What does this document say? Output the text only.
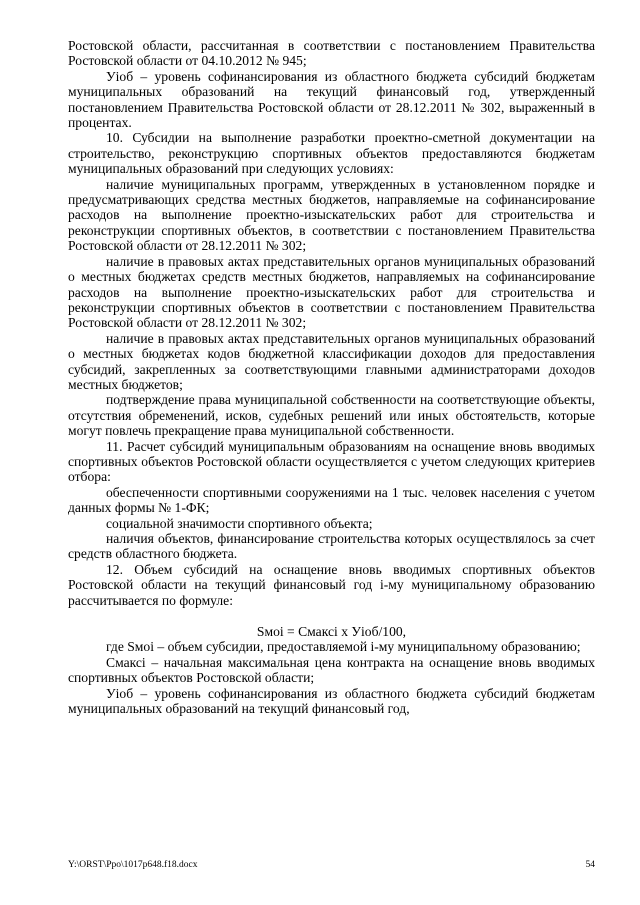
Ростовской области, рассчитанная в соответствии с постановлением Правительства Ростовской области от 04.10.2012 № 945;

Уiоб – уровень софинансирования из областного бюджета субсидий бюджетам муниципальных образований на текущий финансовый год, утвержденный постановлением Правительства Ростовской области от 28.12.2011 № 302, выраженный в процентах.

10. Субсидии на выполнение разработки проектно-сметной документации на строительство, реконструкцию спортивных объектов предоставляются бюджетам муниципальных образований при следующих условиях:

наличие муниципальных программ, утвержденных в установленном порядке и предусматривающих средства местных бюджетов, направляемые на софинансирование расходов на выполнение проектно-изыскательских работ для строительства и реконструкции спортивных объектов, в соответствии с постановлением Правительства Ростовской области от 28.12.2011 № 302;

наличие в правовых актах представительных органов муниципальных образований о местных бюджетах средств местных бюджетов, направляемых на софинансирование расходов на выполнение проектно-изыскательских работ для строительства и реконструкции спортивных объектов в соответствии с постановлением Правительства Ростовской области от 28.12.2011 № 302;

наличие в правовых актах представительных органов муниципальных образований о местных бюджетах кодов бюджетной классификации доходов для предоставления субсидий, закрепленных за соответствующими главными администраторами доходов местных бюджетов;

подтверждение права муниципальной собственности на соответствующие объекты, отсутствия обременений, исков, судебных решений или иных обстоятельств, которые могут повлечь прекращение права муниципальной собственности.

11. Расчет субсидий муниципальным образованиям на оснащение вновь вводимых спортивных объектов Ростовской области осуществляется с учетом следующих критериев отбора:

обеспеченности спортивными сооружениями на 1 тыс. человек населения с учетом данных формы № 1-ФК;

социальной значимости спортивного объекта;

наличия объектов, финансирование строительства которых осуществлялось за счет средств областного бюджета.

12. Объем субсидий на оснащение вновь вводимых спортивных объектов Ростовской области на текущий финансовый год i-му муниципальному образованию рассчитывается по формуле:

Sмоi = Смаксi х Уiоб/100,

где Sмоi – объем субсидии, предоставляемой i-му муниципальному образованию;

Смаксi – начальная максимальная цена контракта на оснащение вновь вводимых спортивных объектов Ростовской области;

Уiоб – уровень софинансирования из областного бюджета субсидий бюджетам муниципальных образований на текущий финансовый год,

Y:\ORST\Ppo\1017p648.f18.docx	54
